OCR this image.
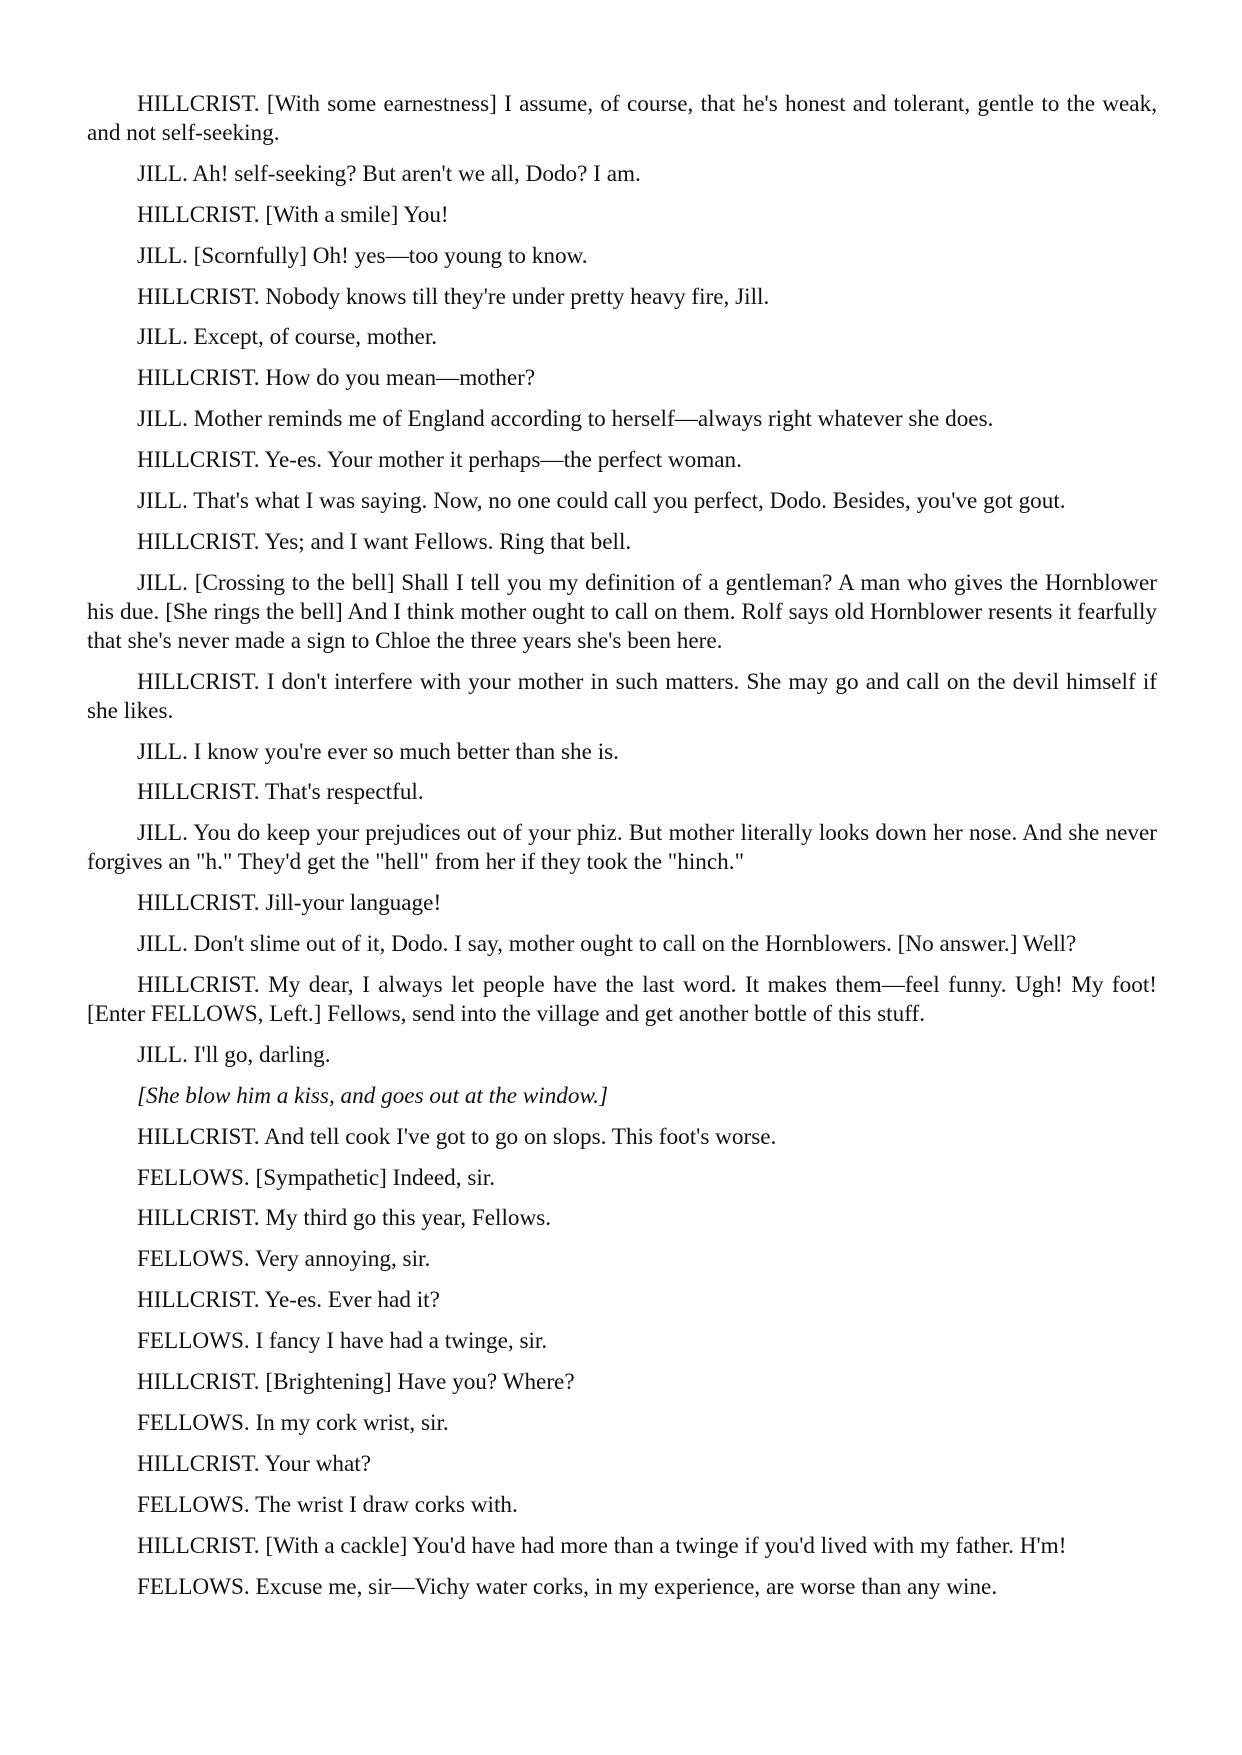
HILLCRIST. [With some earnestness] I assume, of course, that he's honest and tolerant, gentle to the weak, and not self-seeking.

JILL. Ah! self-seeking? But aren't we all, Dodo? I am.

HILLCRIST. [With a smile] You!

JILL. [Scornfully] Oh! yes—too young to know.

HILLCRIST. Nobody knows till they're under pretty heavy fire, Jill.

JILL. Except, of course, mother.

HILLCRIST. How do you mean—mother?

JILL. Mother reminds me of England according to herself—always right whatever she does.

HILLCRIST. Ye-es. Your mother it perhaps—the perfect woman.

JILL. That's what I was saying. Now, no one could call you perfect, Dodo. Besides, you've got gout.

HILLCRIST. Yes; and I want Fellows. Ring that bell.

JILL. [Crossing to the bell] Shall I tell you my definition of a gentleman? A man who gives the Hornblower his due. [She rings the bell] And I think mother ought to call on them. Rolf says old Hornblower resents it fearfully that she's never made a sign to Chloe the three years she's been here.

HILLCRIST. I don't interfere with your mother in such matters. She may go and call on the devil himself if she likes.

JILL. I know you're ever so much better than she is.

HILLCRIST. That's respectful.

JILL. You do keep your prejudices out of your phiz. But mother literally looks down her nose. And she never forgives an "h." They'd get the "hell" from her if they took the "hinch."

HILLCRIST. Jill-your language!

JILL. Don't slime out of it, Dodo. I say, mother ought to call on the Hornblowers. [No answer.] Well?

HILLCRIST. My dear, I always let people have the last word. It makes them—feel funny. Ugh! My foot![Enter FELLOWS, Left.] Fellows, send into the village and get another bottle of this stuff.

JILL. I'll go, darling.

[She blow him a kiss, and goes out at the window.]

HILLCRIST. And tell cook I've got to go on slops. This foot's worse.

FELLOWS. [Sympathetic] Indeed, sir.

HILLCRIST. My third go this year, Fellows.

FELLOWS. Very annoying, sir.

HILLCRIST. Ye-es. Ever had it?

FELLOWS. I fancy I have had a twinge, sir.

HILLCRIST. [Brightening] Have you? Where?

FELLOWS. In my cork wrist, sir.

HILLCRIST. Your what?

FELLOWS. The wrist I draw corks with.

HILLCRIST. [With a cackle] You'd have had more than a twinge if you'd lived with my father. H'm!

FELLOWS. Excuse me, sir—Vichy water corks, in my experience, are worse than any wine.
